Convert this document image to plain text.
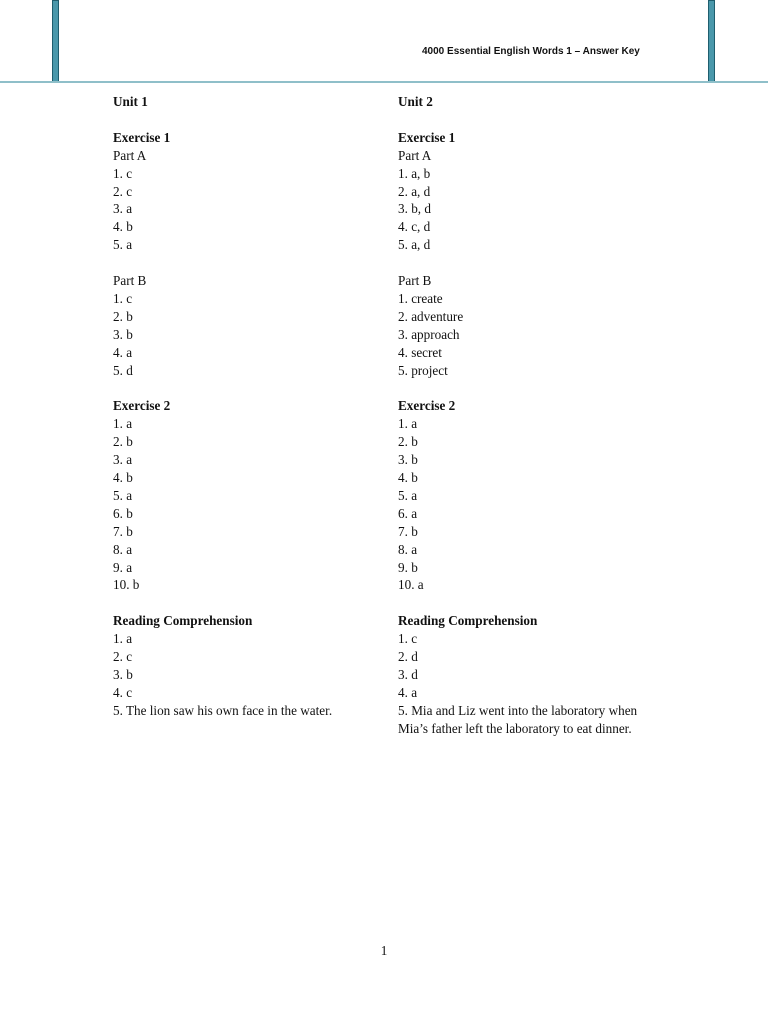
4000 Essential English Words 1 – Answer Key
Unit 1
Exercise 1
Part A
1. c
2. c
3. a
4. b
5. a
Part B
1. c
2. b
3. b
4. a
5. d
Exercise 2
1. a
2. b
3. a
4. b
5. a
6. b
7. b
8. a
9. a
10. b
Reading Comprehension
1. a
2. c
3. b
4. c
5. The lion saw his own face in the water.
Unit 2
Exercise 1
Part A
1. a, b
2. a, d
3. b, d
4. c, d
5. a, d
Part B
1. create
2. adventure
3. approach
4. secret
5. project
Exercise 2
1. a
2. b
3. b
4. b
5. a
6. a
7. b
8. a
9. b
10. a
Reading Comprehension
1. c
2. d
3. d
4. a
5. Mia and Liz went into the laboratory when Mia’s father left the laboratory to eat dinner.
1
